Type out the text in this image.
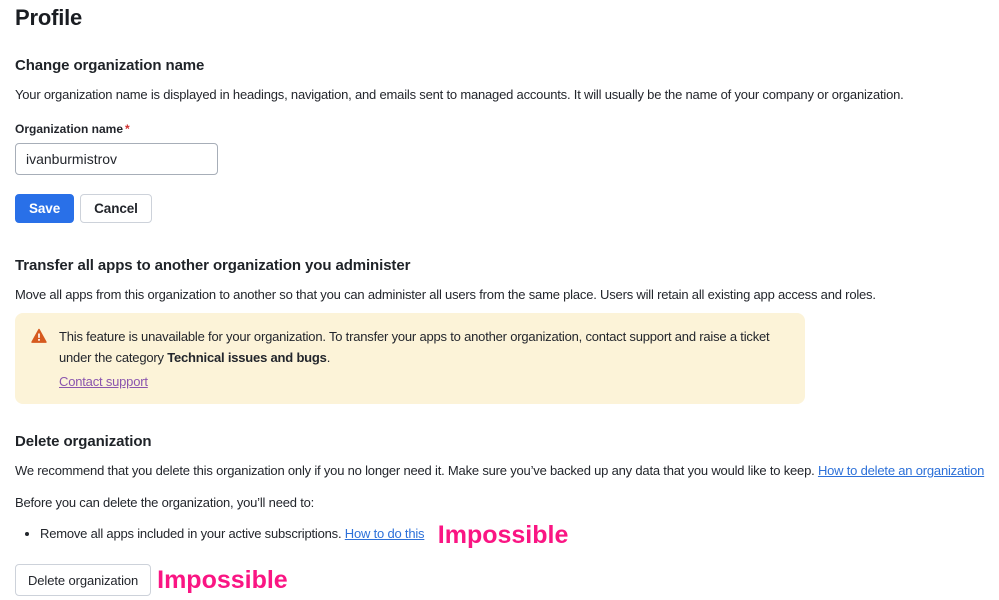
Profile
Change organization name

Your organization name is displayed in headings, navigation, and emails sent to managed accounts. It will usually be the name of your company or organization.

Organization name *
ivanburmistrov
Save	Cancel
Transfer all apps to another organization you administer

Move all apps from this organization to another so that you can administer all users from the same place. Users will retain all existing app access and roles.

This feature is unavailable for your organization. To transfer your apps to another organization, contact support and raise a ticket under the category Technical issues and bugs.

Contact support
Delete organization

We recommend that you delete this organization only if you no longer need it. Make sure you’ve backed up any data that you would like to keep. How to delete an organization

Before you can delete the organization, you’ll need to:

• Remove all apps included in your active subscriptions. How to do this Impossible
Delete organization Impossible
